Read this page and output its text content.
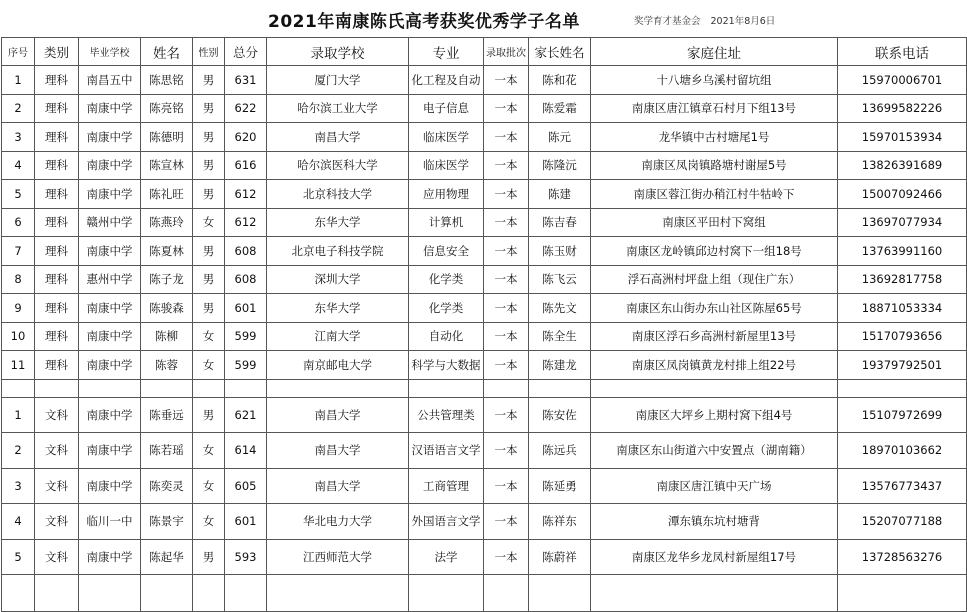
2021年南康陈氏高考获奖优秀学子名单	奖学育才基金会 2021年8月6日
序号	类别	毕业学校	姓名	性别	总分	录取学校	专业	录取批次	家长姓名	家庭住址	联系电话
1	理科	南昌五中	陈思铭	男	631	厦门大学	化工程及自动	一本	陈和花	十八塘乡乌溪村留坑组	15970006701
2	理科	南康中学	陈亮铭	男	622	哈尔滨工业大学	电子信息	一本	陈爱霜	南康区唐江镇章石村月下组13号	13699582226
3	理科	南康中学	陈德明	男	620	南昌大学	临床医学	一本	陈元	龙华镇中古村塘尾1号	15970153934
4	理科	南康中学	陈宣林	男	616	哈尔滨医科大学	临床医学	一本	陈隆沅	南康区凤岗镇路塘村谢屋5号	13826391689
5	理科	南康中学	陈礼旺	男	612	北京科技大学	应用物理	一本	陈建	南康区蓉江街办稍江村牛牯岭下	15007092466
6	理科	赣州中学	陈燕玲	女	612	东华大学	计算机	一本	陈吉春	南康区平田村下窝组	13697077934
7	理科	南康中学	陈夏林	男	608	北京电子科技学院	信息安全	一本	陈玉财	南康区龙岭镇邱边村窝下一组18号	13763991160
8	理科	惠州中学	陈子龙	男	608	深圳大学	化学类	一本	陈飞云	浮石高洲村坪盘上组（现住广东）	13692817758
9	理科	南康中学	陈骏森	男	601	东华大学	化学类	一本	陈先文	南康区东山街办东山社区陈屋65号	18871053334
10	理科	南康中学	陈柳	女	599	江南大学	自动化	一本	陈全生	南康区浮石乡高洲村新屋里13号	15170793656
11	理科	南康中学	陈蓉	女	599	南京邮电大学	科学与大数据	一本	陈建龙	南康区凤岗镇黄龙村排上组22号	19379792501

1	文科	南康中学	陈垂远	男	621	南昌大学	公共管理类	一本	陈安佐	南康区大坪乡上期村窝下组4号	15107972699
2	文科	南康中学	陈若瑶	女	614	南昌大学	汉语语言文学	一本	陈远兵	南康区东山街道六中安置点（湖南籍）	18970103662
3	文科	南康中学	陈奕灵	女	605	南昌大学	工商管理	一本	陈延勇	南康区唐江镇中天广场	13576773437
4	文科	临川一中	陈景宇	女	601	华北电力大学	外国语言文学	一本	陈祥东	潭东镇东坑村塘背	15207077188
5	文科	南康中学	陈起华	男	593	江西师范大学	法学	一本	陈蔚祥	南康区龙华乡龙凤村新屋组17号	13728563276
